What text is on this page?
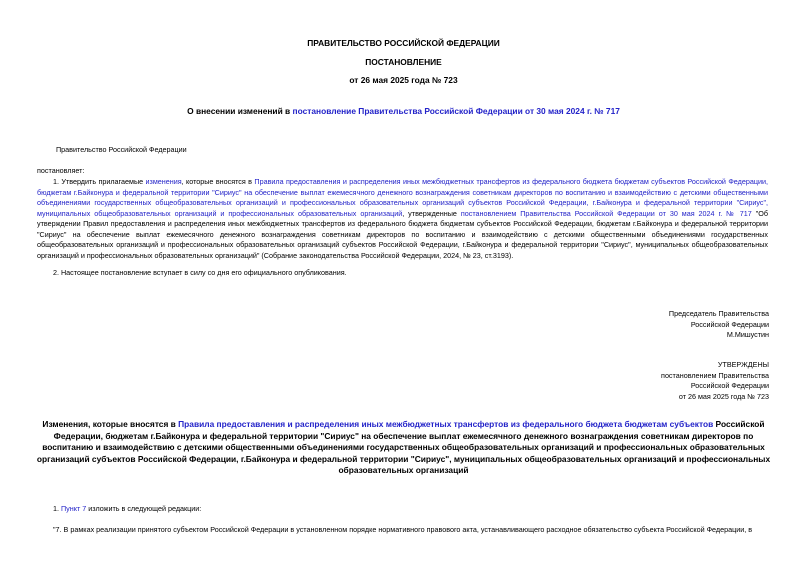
ПРАВИТЕЛЬСТВО РОССИЙСКОЙ ФЕДЕРАЦИИ
ПОСТАНОВЛЕНИЕ
от 26 мая 2025 года № 723
О внесении изменений в постановление Правительства Российской Федерации от 30 мая 2024 г. № 717
Правительство Российской Федерации
постановляет:
1. Утвердить прилагаемые изменения, которые вносятся в Правила предоставления и распределения иных межбюджетных трансфертов из федерального бюджета бюджетам субъектов Российской Федерации, бюджетам г.Байконура и федеральной территории "Сириус" на обеспечение выплат ежемесячного денежного вознаграждения советникам директоров по воспитанию и взаимодействию с детскими общественными объединениями государственных общеобразовательных организаций и профессиональных образовательных организаций субъектов Российской Федерации, г.Байконура и федеральной территории "Сириус", муниципальных общеобразовательных организаций и профессиональных образовательных организаций, утвержденные постановлением Правительства Российской Федерации от 30 мая 2024 г. № 717 "Об утверждении Правил предоставления и распределения иных межбюджетных трансфертов из федерального бюджета бюджетам субъектов Российской Федерации, бюджетам г.Байконура и федеральной территории "Сириус" на обеспечение выплат ежемесячного денежного вознаграждения советникам директоров по воспитанию и взаимодействию с детскими общественными объединениями государственных общеобразовательных организаций и профессиональных образовательных организаций субъектов Российской Федерации, г.Байконура и федеральной территории "Сириус", муниципальных общеобразовательных организаций и профессиональных образовательных организаций" (Собрание законодательства Российской Федерации, 2024, № 23, ст.3193).
2. Настоящее постановление вступает в силу со дня его официального опубликования.
Председатель Правительства
Российской Федерации
М.Мишустин
УТВЕРЖДЕНЫ
постановлением Правительства
Российской Федерации
от 26 мая 2025 года № 723
Изменения, которые вносятся в Правила предоставления и распределения иных межбюджетных трансфертов из федерального бюджета бюджетам субъектов Российской Федерации, бюджетам г.Байконура и федеральной территории "Сириус" на обеспечение выплат ежемесячного денежного вознаграждения советникам директоров по воспитанию и взаимодействию с детскими общественными объединениями государственных общеобразовательных организаций и профессиональных образовательных организаций субъектов Российской Федерации, г.Байконура и федеральной территории "Сириус", муниципальных общеобразовательных организаций и профессиональных образовательных организаций
1. Пункт 7 изложить в следующей редакции:
"7. В рамках реализации принятого субъектом Российской Федерации в установленном порядке нормативного правового акта, устанавливающего расходное обязательство субъекта Российской Федерации, в
